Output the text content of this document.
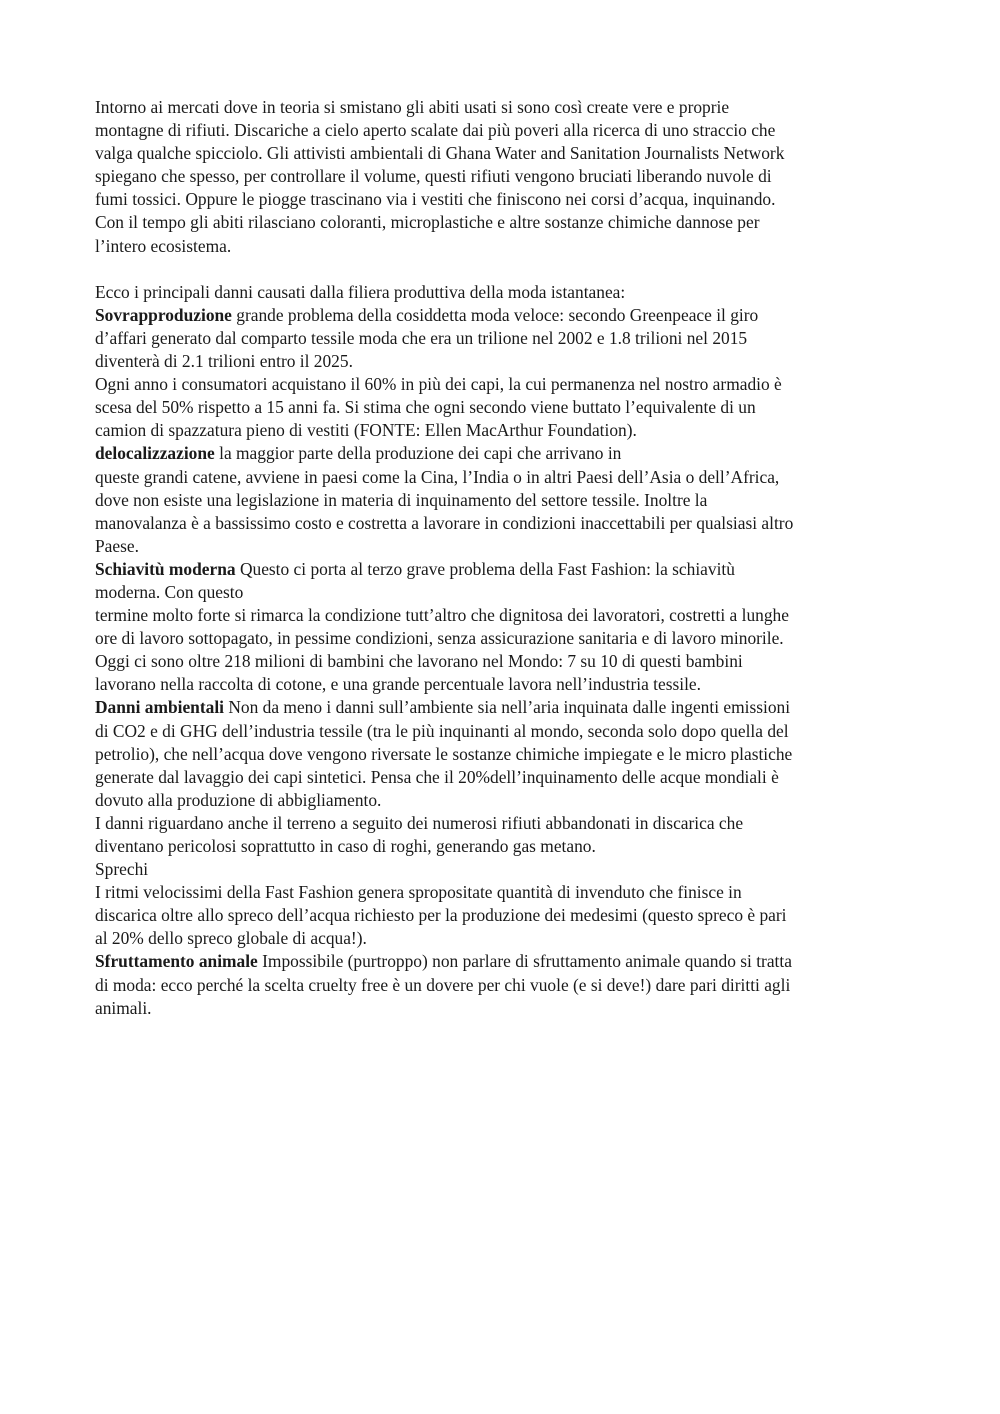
Intorno ai mercati dove in teoria si smistano gli abiti usati si sono così create vere e proprie
montagne di rifiuti. Discariche a cielo aperto scalate dai più poveri alla ricerca di uno straccio che
valga qualche spicciolo. Gli attivisti ambientali di Ghana Water and Sanitation Journalists Network
spiegano che spesso, per controllare il volume, questi rifiuti vengono bruciati liberando nuvole di
fumi tossici. Oppure le piogge trascinano via i vestiti che finiscono nei corsi d’acqua, inquinando.
Con il tempo gli abiti rilasciano coloranti, microplastiche e altre sostanze chimiche dannose per
l’intero ecosistema.
Ecco i principali danni causati dalla filiera produttiva della moda istantanea:
Sovrapproduzione grande problema della cosiddetta moda veloce: secondo Greenpeace il giro
d’affari generato dal comparto tessile moda che era un trilione nel 2002 e 1.8 trilioni nel 2015
diventerà di 2.1 trilioni entro il 2025.
Ogni anno i consumatori acquistano il 60% in più dei capi, la cui permanenza nel nostro armadio è
scesa del 50% rispetto a 15 anni fa. Si stima che ogni secondo viene buttato l’equivalente di un
camion di spazzatura pieno di vestiti (FONTE: Ellen MacArthur Foundation).
delocalizzazione la maggior parte della produzione dei capi che arrivano in
queste grandi catene, avviene in paesi come la Cina, l’India o in altri Paesi dell’Asia o dell’Africa,
dove non esiste una legislazione in materia di inquinamento del settore tessile. Inoltre la
manovalanza è a bassissimo costo e costretta a lavorare in condizioni inaccettabili per qualsiasi altro
Paese.
Schiavitù moderna Questo ci porta al terzo grave problema della Fast Fashion: la schiavitù
moderna. Con questo
termine molto forte si rimarca la condizione tutt’altro che dignitosa dei lavoratori, costretti a lunghe
ore di lavoro sottopagato, in pessime condizioni, senza assicurazione sanitaria e di lavoro minorile.
Oggi ci sono oltre 218 milioni di bambini che lavorano nel Mondo: 7 su 10 di questi bambini
lavorano nella raccolta di cotone, e una grande percentuale lavora nell’industria tessile.
Danni ambientali Non da meno i danni sull’ambiente sia nell’aria inquinata dalle ingenti emissioni
di CO2 e di GHG dell’industria tessile (tra le più inquinanti al mondo, seconda solo dopo quella del
petrolio), che nell’acqua dove vengono riversate le sostanze chimiche impiegate e le micro plastiche
generate dal lavaggio dei capi sintetici. Pensa che il 20%dell’inquinamento delle acque mondiali è
dovuto alla produzione di abbigliamento.
I danni riguardano anche il terreno a seguito dei numerosi rifiuti abbandonati in discarica che
diventano pericolosi soprattutto in caso di roghi, generando gas metano.
Sprechi
I ritmi velocissimi della Fast Fashion genera spropositate quantità di invenduto che finisce in
discarica oltre allo spreco dell’acqua richiesto per la produzione dei medesimi (questo spreco è pari
al 20% dello spreco globale di acqua!).
Sfruttamento animale Impossibile (purtroppo) non parlare di sfruttamento animale quando si tratta
di moda: ecco perché la scelta cruelty free è un dovere per chi vuole (e si deve!) dare pari diritti agli
animali.
